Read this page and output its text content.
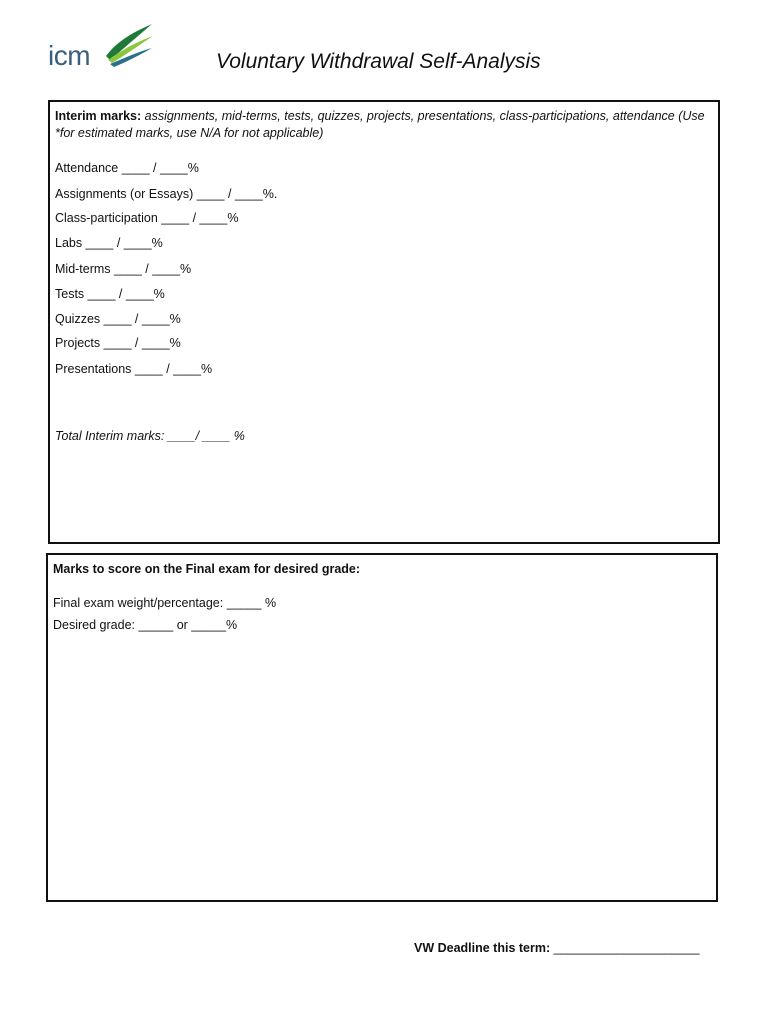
icm	Voluntary Withdrawal Self-Analysis
Interim marks: assignments, mid-terms, tests, quizzes, projects, presentations, class-participations, attendance (Use *for estimated marks, use N/A for not applicable)
Attendance ____ / ____%
Assignments (or Essays) ____ / ____%.
Class-participation ____ / ____%
Labs ____ / ____%
Mid-terms ____ / ____%
Tests ____ / ____%
Quizzes ____ / ____%
Projects ____ / ____%
Presentations ____ / ____%
Total Interim marks: ____/ ____ %
Marks to score on the Final exam for desired grade:
Final exam weight/percentage: _____ %
Desired grade: _____ or _____%
VW Deadline this term: _____________________
